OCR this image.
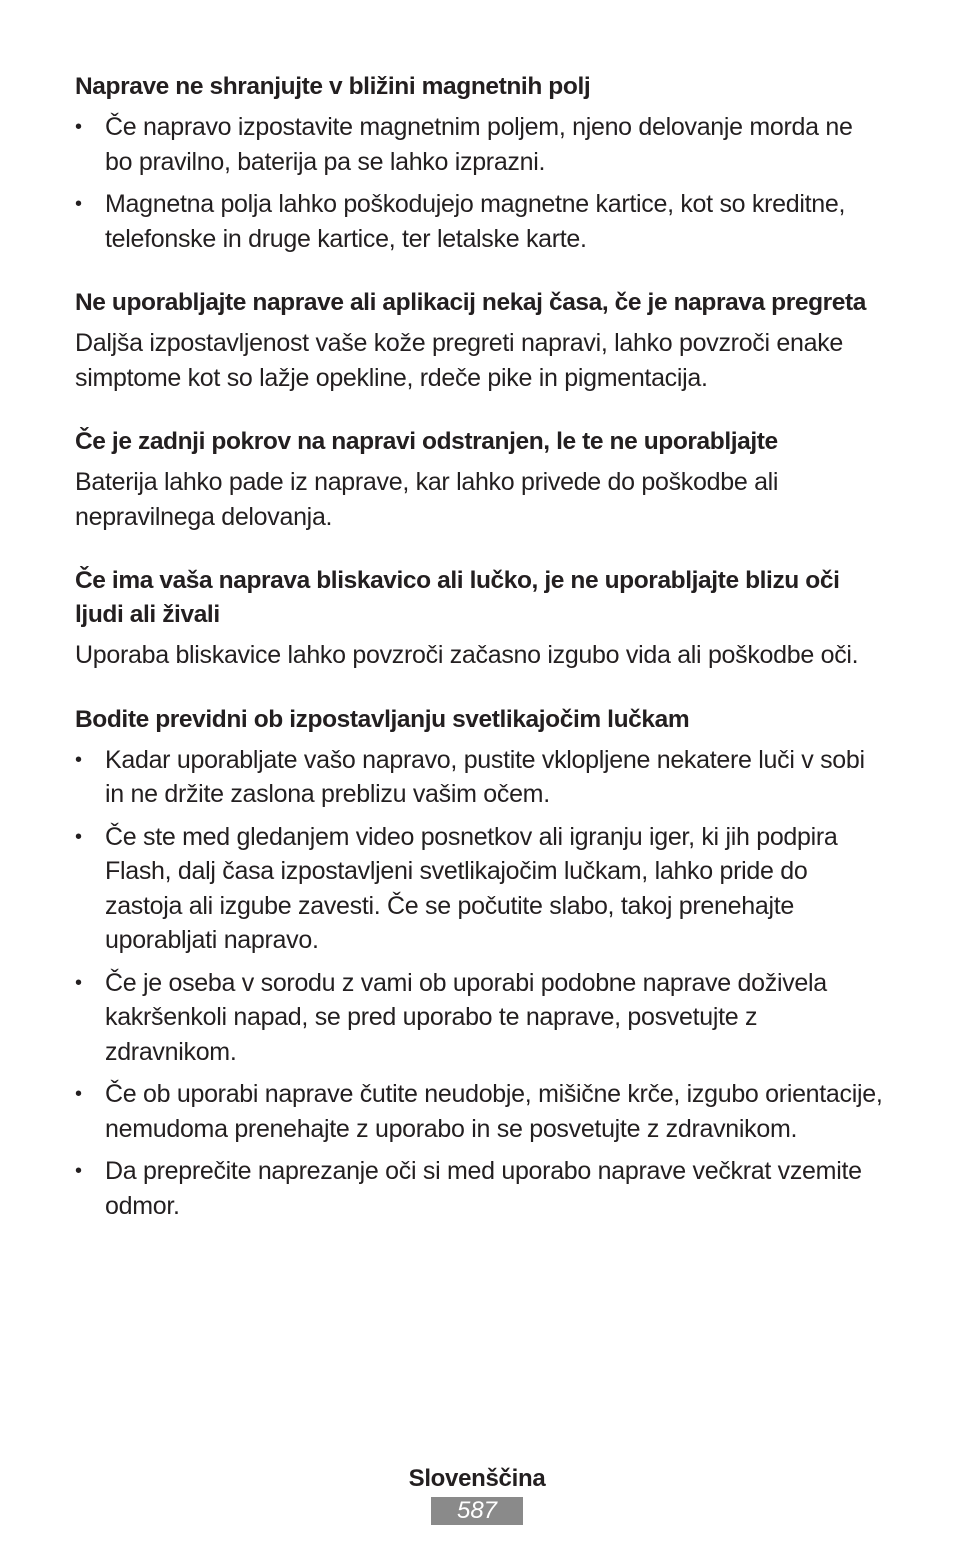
Naprave ne shranjujte v bližini magnetnih polj
• Če napravo izpostavite magnetnim poljem, njeno delovanje morda ne bo pravilno, baterija pa se lahko izprazni.
• Magnetna polja lahko poškodujejo magnetne kartice, kot so kreditne, telefonske in druge kartice, ter letalske karte.
Ne uporabljajte naprave ali aplikacij nekaj časa, če je naprava pregreta

Daljša izpostavljenost vaše kože pregreti napravi, lahko povzroči enake simptome kot so lažje opekline, rdeče pike in pigmentacija.

Če je zadnji pokrov na napravi odstranjen, le te ne uporabljajte

Baterija lahko pade iz naprave, kar lahko privede do poškodbe ali nepravilnega delovanja.

Če ima vaša naprava bliskavico ali lučko, je ne uporabljajte blizu oči ljudi ali živali

Uporaba bliskavice lahko povzroči začasno izgubo vida ali poškodbe oči.

Bodite previdni ob izpostavljanju svetlikajočim lučkam
• Kadar uporabljate vašo napravo, pustite vklopljene nekatere luči v sobi in ne držite zaslona preblizu vašim očem.
• Če ste med gledanjem video posnetkov ali igranju iger, ki jih podpira Flash, dalj časa izpostavljeni svetlikajočim lučkam, lahko pride do zastoja ali izgube zavesti. Če se počutite slabo, takoj prenehajte uporabljati napravo.
• Če je oseba v sorodu z vami ob uporabi podobne naprave doživela kakršenkoli napad, se pred uporabo te naprave, posvetujte z zdravnikom.
• Če ob uporabi naprave čutite neudobje, mišične krče, izgubo orientacije, nemudoma prenehajte z uporabo in se posvetujte z zdravnikom.
• Da preprečite naprezanje oči si med uporabo naprave večkrat vzemite odmor.
Slovenščina
587
